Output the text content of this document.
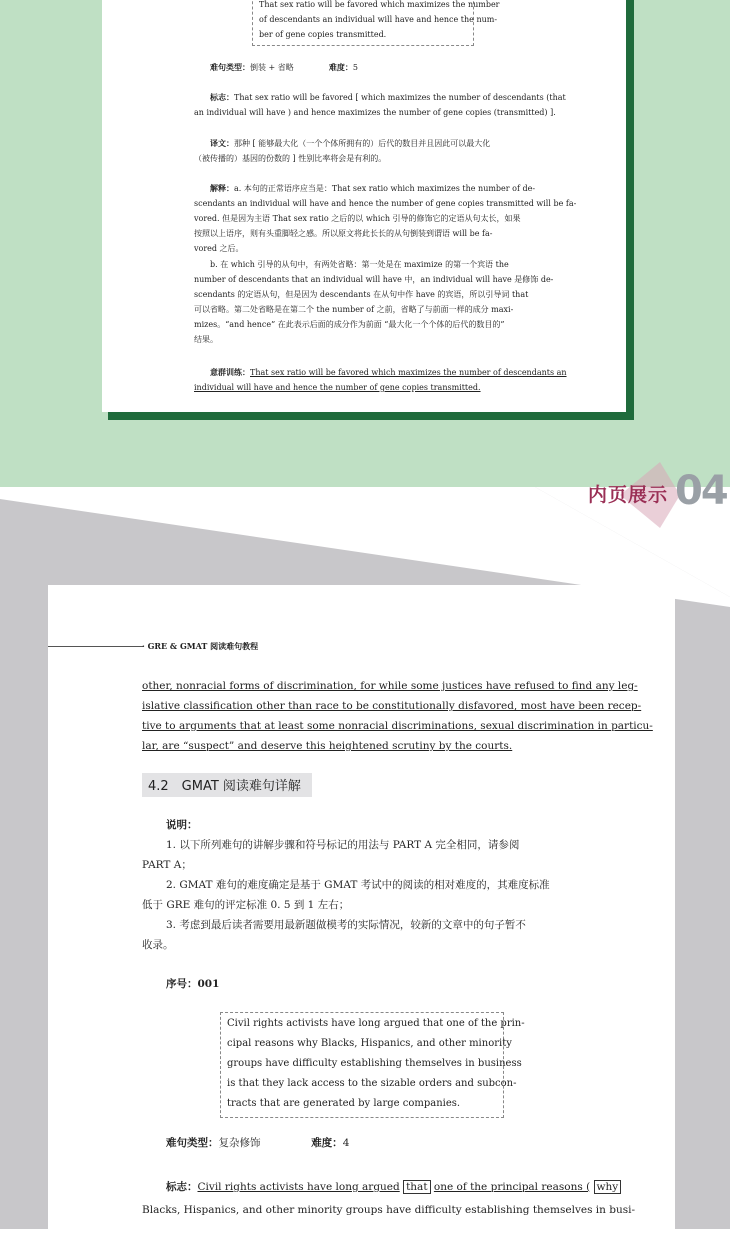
That sex ratio will be favored which maximizes the number
of descendants an individual will have and hence the num-
ber of gene copies transmitted.
难句类型：倒装 + 省略	难度：5
标志：That sex ratio will be favored [ which maximizes the number of descendants (that
an individual will have ) and hence maximizes the number of gene copies (transmitted) ].
译文：那种 [ 能够最大化（一个个体所拥有的）后代的数目并且因此可以最大化
（被传播的）基因的份数的 ] 性别比率将会是有利的。
解释：a. 本句的正常语序应当是：That sex ratio which maximizes the number of de-
scendants an individual will have and hence the number of gene copies transmitted will be fa-
vored. 但是因为主语 That sex ratio 之后的以 which 引导的修饰它的定语从句太长，如果
按照以上语序，则有头重脚轻之感。所以原文将此长长的从句倒装到谓语 will be fa-
vored 之后。
b. 在 which 引导的从句中，有两处省略：第一处是在 maximize 的第一个宾语 the
number of descendants that an individual will have 中，an individual will have 是修饰 de-
scendants 的定语从句，但是因为 descendants 在从句中作 have 的宾语，所以引导词 that
可以省略。第二处省略是在第二个 the number of 之前，省略了与前面一样的成分 maxi-
mizes。“and hence” 在此表示后面的成分作为前面 “最大化一个个体的后代的数目的”
结果。
意群训练：That sex ratio will be favored which maximizes the number of descendants an
individual will have and hence the number of gene copies transmitted.
内页展示 04
· GRE & GMAT 阅读难句教程
other, nonracial forms of discrimination, for while some justices have refused to find any leg-
islative classification other than race to be constitutionally disfavored, most have been recep-
tive to arguments that at least some nonracial discriminations, sexual discrimination in particu-
lar, are “suspect” and deserve this heightened scrutiny by the courts.
4.2　GMAT 阅读难句详解
说明：
1. 以下所列难句的讲解步骤和符号标记的用法与 PART A 完全相同，请参阅
PART A；
2. GMAT 难句的难度确定是基于 GMAT 考试中的阅读的相对难度的，其难度标准
低于 GRE 难句的评定标准 0. 5 到 1 左右；
3. 考虑到最后读者需要用最新题做模考的实际情况，较新的文章中的句子暂不
收录。
序号：001
Civil rights activists have long argued that one of the prin-
cipal reasons why Blacks, Hispanics, and other minority
groups have difficulty establishing themselves in business
is that they lack access to the sizable orders and subcon-
tracts that are generated by large companies.
难句类型：复杂修饰	难度：4
标志：Civil rights activists have long argued that one of the principal reasons ( why
Blacks, Hispanics, and other minority groups have difficulty establishing themselves in busi-
